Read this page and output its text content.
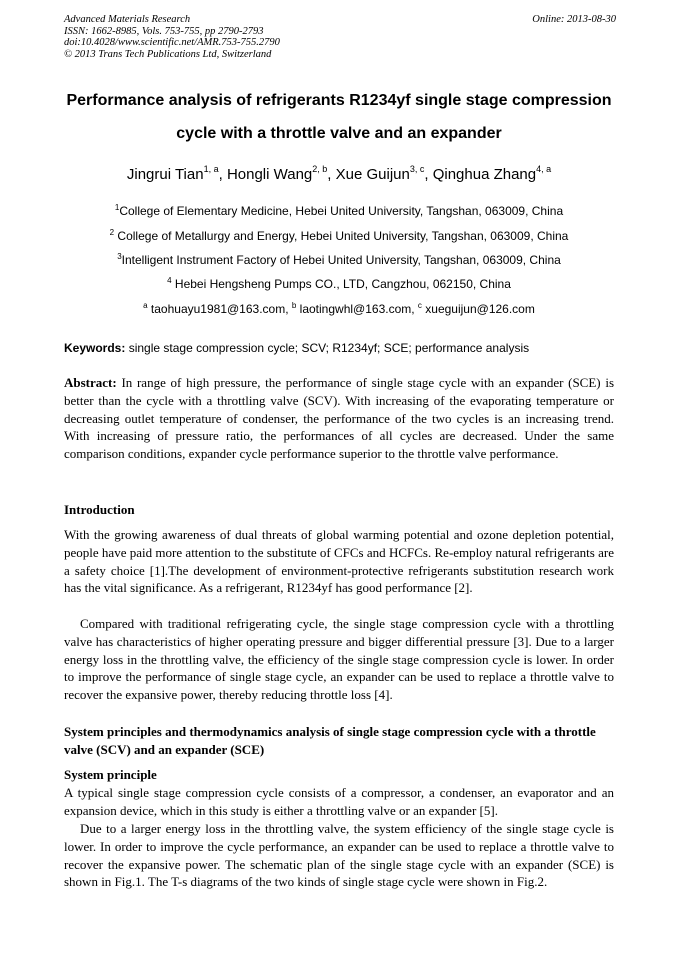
Advanced Materials Research
ISSN: 1662-8985, Vols. 753-755, pp 2790-2793
doi:10.4028/www.scientific.net/AMR.753-755.2790
© 2013 Trans Tech Publications Ltd, Switzerland
Online: 2013-08-30
Performance analysis of refrigerants R1234yf single stage compression
cycle with a throttle valve and an expander
Jingrui Tian$^{1, a}$, Hongli Wang$^{2, b}$, Xue Guijun$^{3, c}$, Qinghua Zhang$^{4, a}$
$^1$College of Elementary Medicine, Hebei United University, Tangshan, 063009, China
$^2$ College of Metallurgy and Energy, Hebei United University, Tangshan, 063009, China
$^3$Intelligent Instrument Factory of Hebei United University, Tangshan, 063009, China
$^4$ Hebei Hengsheng Pumps CO., LTD, Cangzhou, 062150, China
$^a$ taohuayu1981@163.com, $^b$ laotingwhl@163.com, $^c$ xueguijun@126.com
Keywords: single stage compression cycle; SCV; R1234yf; SCE; performance analysis
Abstract: In range of high pressure, the performance of single stage cycle with an expander (SCE) is better than the cycle with a throttling valve (SCV). With increasing of the evaporating temperature or decreasing outlet temperature of condenser, the performance of the two cycles is an increasing trend. With increasing of pressure ratio, the performances of all cycles are decreased. Under the same comparison conditions, expander cycle performance superior to the throttle valve performance.
Introduction
With the growing awareness of dual threats of global warming potential and ozone depletion potential, people have paid more attention to the substitute of CFCs and HCFCs. Re-employ natural refrigerants are a safety choice [1].The development of environment-protective refrigerants substitution research work has the vital significance. As a refrigerant, R1234yf has good performance [2].
Compared with traditional refrigerating cycle, the single stage compression cycle with a throttling valve has characteristics of higher operating pressure and bigger differential pressure [3]. Due to a larger energy loss in the throttling valve, the efficiency of the single stage compression cycle is lower. In order to improve the performance of single stage cycle, an expander can be used to replace a throttle valve to recover the expansive power, thereby reducing throttle loss [4].
System principles and thermodynamics analysis of single stage compression cycle with a throttle valve (SCV) and an expander (SCE)
System principle
A typical single stage compression cycle consists of a compressor, a condenser, an evaporator and an expansion device, which in this study is either a throttling valve or an expander [5].
Due to a larger energy loss in the throttling valve, the system efficiency of the single stage cycle is lower. In order to improve the cycle performance, an expander can be used to replace a throttle valve to recover the expansive power. The schematic plan of the single stage cycle with an expander (SCE) is shown in Fig.1. The T-s diagrams of the two kinds of single stage cycle were shown in Fig.2.
